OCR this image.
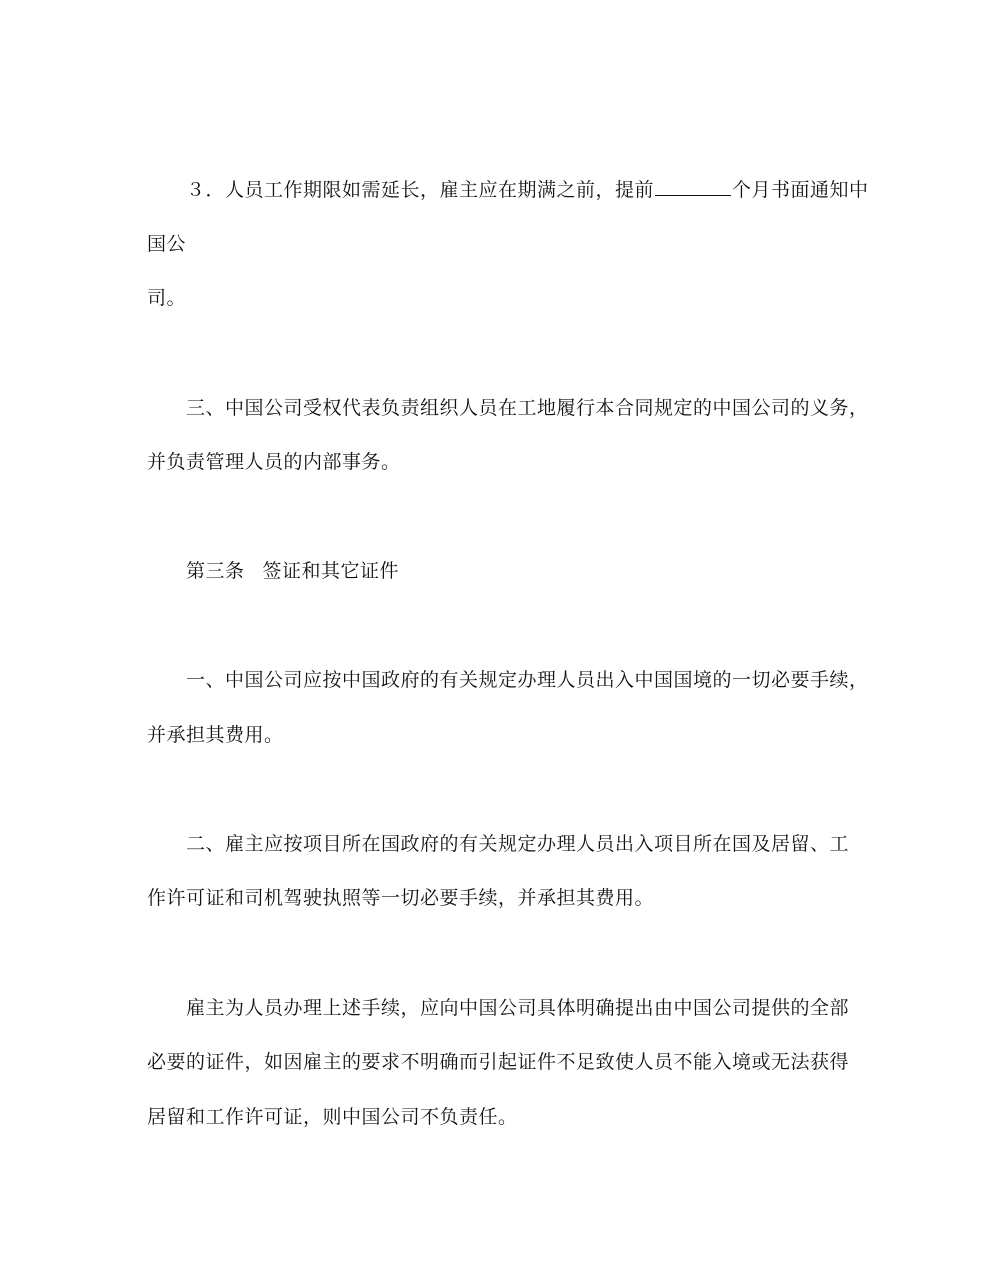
３．人员工作期限如需延长，雇主应在期满之前，提前	个月书面通知中
国公
司。
三、中国公司受权代表负责组织人员在工地履行本合同规定的中国公司的义务，
并负责管理人员的内部事务。
第三条 签证和其它证件
一、中国公司应按中国政府的有关规定办理人员出入中国国境的一切必要手续，
并承担其费用。
二、雇主应按项目所在国政府的有关规定办理人员出入项目所在国及居留、工
作许可证和司机驾驶执照等一切必要手续，并承担其费用。
雇主为人员办理上述手续，应向中国公司具体明确提出由中国公司提供的全部
必要的证件，如因雇主的要求不明确而引起证件不足致使人员不能入境或无法获得
居留和工作许可证，则中国公司不负责任。
